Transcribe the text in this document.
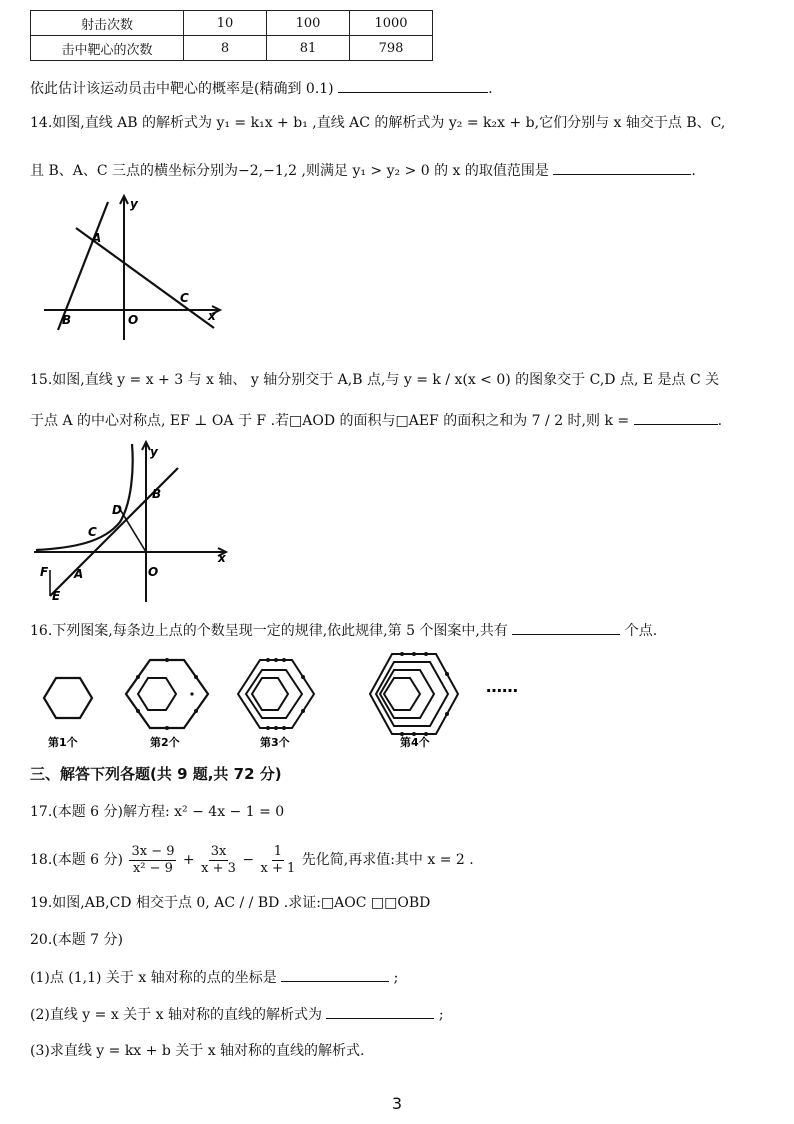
射击次数	10	100	1000
击中靶心的次数	8	81	798
依此估计该运动员击中靶心的概率是(精确到 0.1)	.
14.如图,直线 AB 的解析式为 y₁ = k₁x + b₁ ,直线 AC 的解析式为 y₂ = k₂x + b,它们分别与 x 轴交于点 B、C,
且 B、A、C 三点的横坐标分别为−2,−1,2 ,则满足 y₁ > y₂ > 0 的 x 的取值范围是	.
y
x
A
B
C
O
15.如图,直线 y = x + 3 与 x 轴、 y 轴分别交于 A,B 点,与 y = k / x(x < 0) 的图象交于 C,D 点, E 是点 C 关
于点 A 的中心对称点, EF ⊥ OA 于 F .若□AOD 的面积与□AEF 的面积之和为 7 / 2 时,则 k =	.
B
y
x
D
C
F A	O
E
16.下列图案,每条边上点的个数呈现一定的规律,依此规律,第 5 个图案中,共有	个点.
……
第1个	第2个	第3个	第4个
三、解答下列各题(共 9 题,共 72 分)
17.(本题 6 分)解方程: x² − 4x − 1 = 0
18.(本题 6 分) $\frac{3x - 9}{\text{x² − 9}} + \frac{3x}{x + 3} - \frac{1}{x + 1}$ 先化简,再求值:其中 x = 2 .
19.如图,AB,CD 相交于点 0, AC / / BD .求证:□AOC □□OBD
20.(本题 7 分)
(1)点 (1,1) 关于 x 轴对称的点的坐标是	;
(2)直线 y = x 关于 x 轴对称的直线的解析式为	;
(3)求直线 y = kx + b 关于 x 轴对称的直线的解析式.
3
